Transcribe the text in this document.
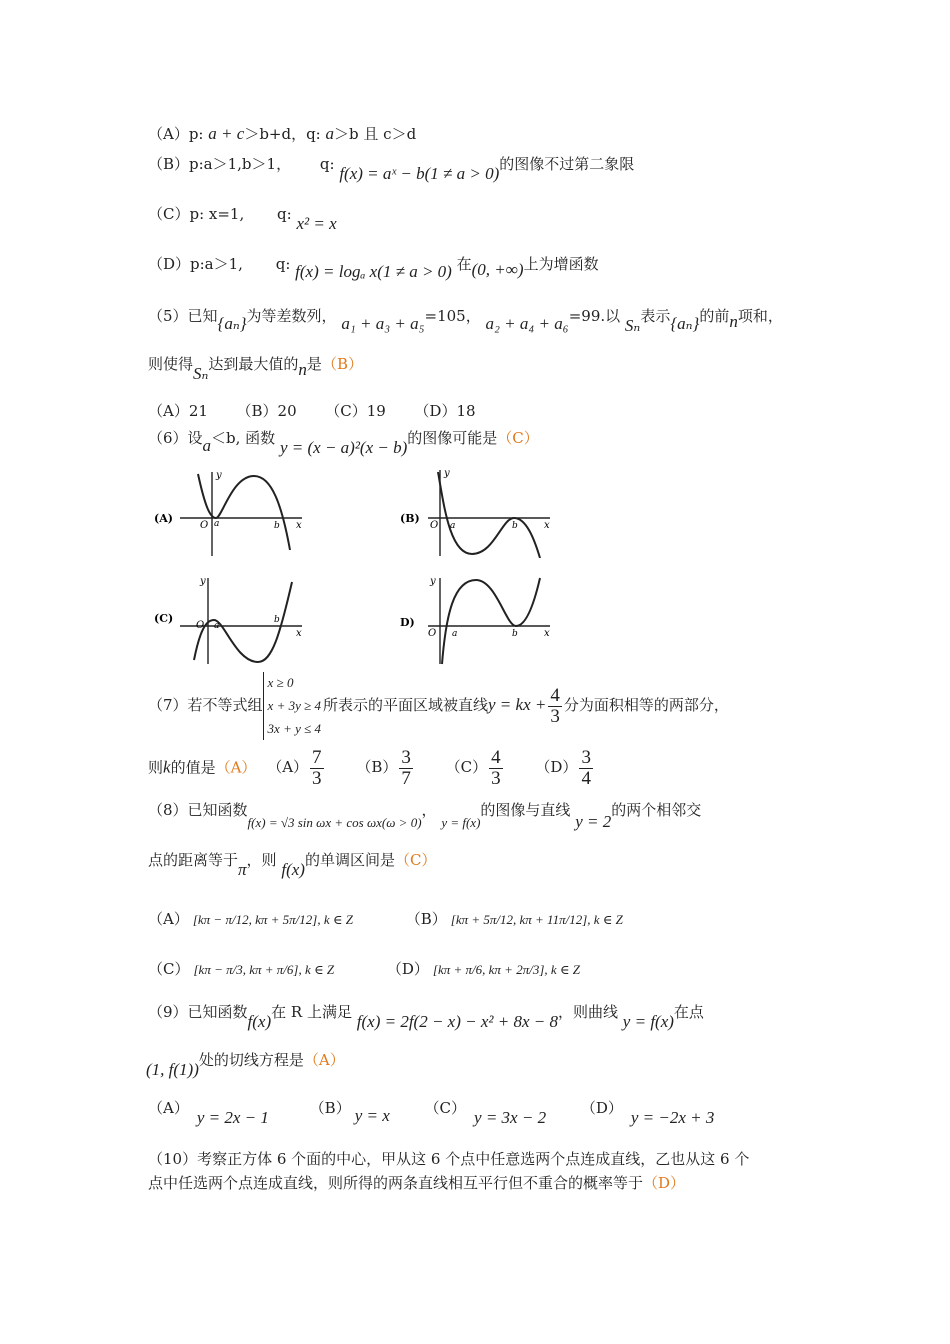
（A）p: a + c＞b+d，q: a＞b 且 c＞d
（B）p:a＞1,b＞1， q: f(x) = aˣ − b(1 ≠ a > 0)的图像不过第二象限
（C）p: x=1, q: x² = x
（D）p:a＞1, q: f(x) = logₐ x(1 ≠ a > 0) 在(0, +∞)上为增函数
（5）已知{aₙ}为等差数列， a₁ + a₃ + a₅=105， a₂ + a₄ + a₆=99.以 Sₙ表示{aₙ}的前n项和，
则使得Sₙ达到最大值的n是（B）
（A）21      （B）20      （C）19      （D）18
（6）设a＜b, 函数 y = (x − a)²(x − b)的图像可能是（C）
(A)
y
x
O a	b
(B)
y
x
O a	b
(C)
y
x
O a
b	D)
y
x
O a	b
（7）若不等式组
x ≥ 0
x + 3y ≥ 4
3x + y ≤ 4
所表示的平面区域被直线y = kx + $\frac{4}{3}$ 分为面积相等的两部分，
则k的值是（A） $(A) \frac{7}{3} (B) \frac{3}{7} (C) \frac{4}{3} (D) \frac{3}{4}$
（8）已知函数f(x) = √3 sin ωx + cos ωx(ω > 0)， y = f(x)的图像与直线 y = 2的两个相邻交
点的距离等于π，则 f(x)的单调区间是（C）
（A） [kπ − π/12, kπ + 5π/12], k ∈ Z	（B） [kπ + 5π/12, kπ + 11π/12], k ∈ Z
（C） [kπ − π/3, kπ + π/6], k ∈ Z	（D） [kπ + π/6, kπ + 2π/3], k ∈ Z
（9）已知函数f(x)在 R 上满足 f(x) = 2f(2 − x) − x² + 8x − 8，则曲线 y = f(x)在点
(1, f(1))处的切线方程是（A）
（A） y = 2x − 1	（B） y = x （C） y = 3x − 2 （D） y = −2x + 3
（10）考察正方体 6 个面的中心，甲从这 6 个点中任意选两个点连成直线，乙也从这 6 个
点中任选两个点连成直线，则所得的两条直线相互平行但不重合的概率等于（D）
